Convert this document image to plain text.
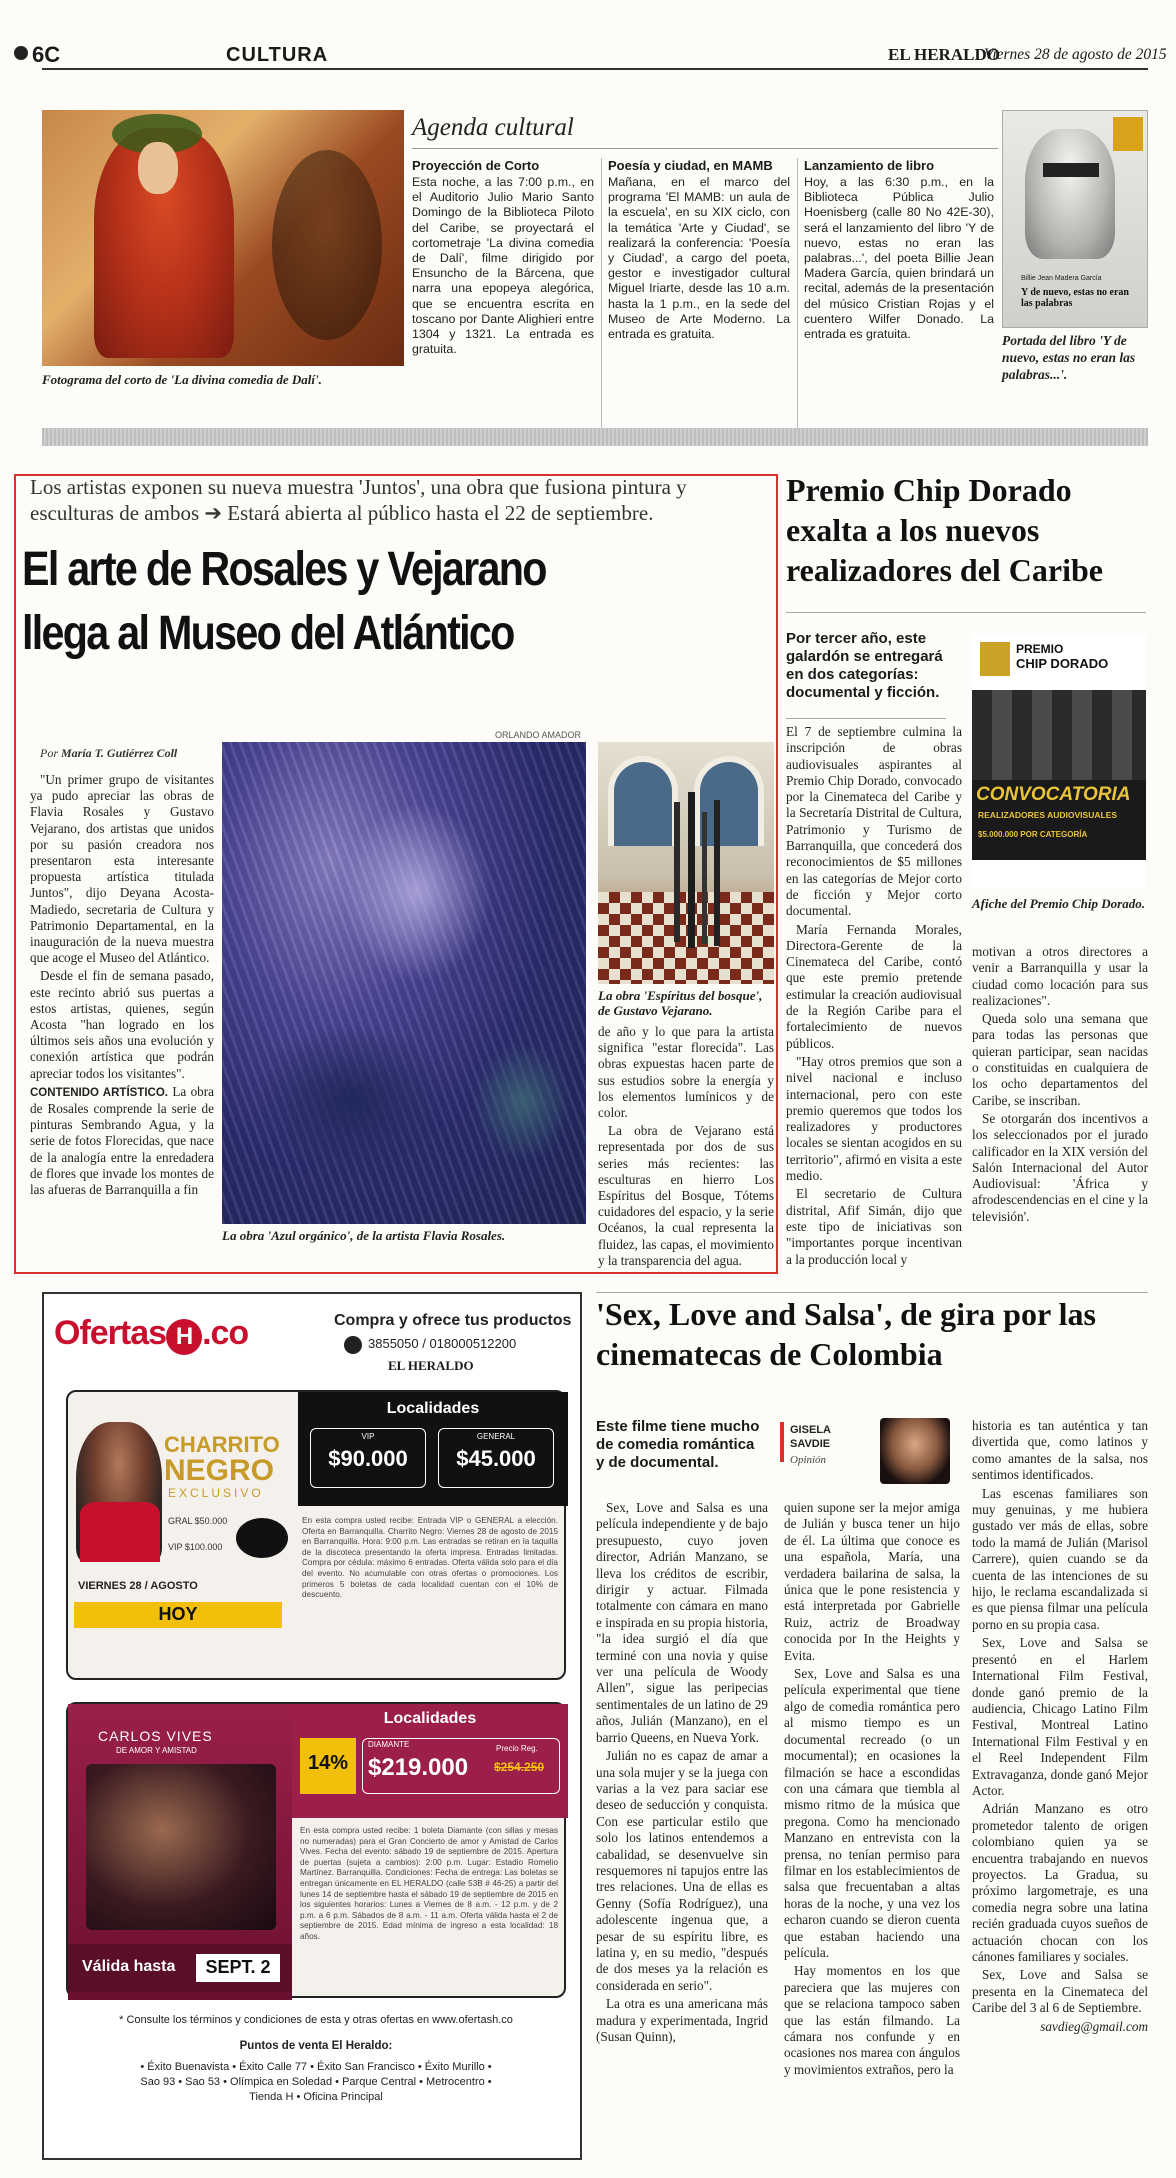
6C	CULTURA	EL HERALDO
Viernes 28 de agosto de 2015
Fotograma del corto de 'La divina comedia de Dalí'.
Agenda cultural
Proyección de Corto
Esta noche, a las 7:00 p.m., en el Auditorio Julio Mario Santo Domingo de la Biblioteca Piloto del Caribe, se proyectará el cortometraje 'La divina comedia de Dalí', filme dirigido por Ensuncho de la Bárcena, que narra una epopeya alegórica, que se encuentra escrita en toscano por Dante Alighieri entre 1304 y 1321. La entrada es gratuita.
Poesía y ciudad, en MAMB
Mañana, en el marco del programa 'El MAMB: un aula de la escuela', en su XIX ciclo, con la temática 'Arte y Ciudad', se realizará la conferencia: 'Poesía y Ciudad', a cargo del poeta, gestor e investigador cultural Miguel Iriarte, desde las 10 a.m. hasta la 1 p.m., en la sede del Museo de Arte Moderno. La entrada es gratuita.
Lanzamiento de libro
Hoy, a las 6:30 p.m., en la Biblioteca Pública Julio Hoenisberg (calle 80 No 42E-30), será el lanzamiento del libro 'Y de nuevo, estas no eran las palabras...', del poeta Billie Jean Madera García, quien brindará un recital, además de la presentación del músico Cristian Rojas y el cuentero Wilfer Donado. La entrada es gratuita.
Billie Jean Madera García
Y de nuevo, estas no eran las palabras
Portada del libro 'Y de nuevo, estas no eran las palabras...'.
Los artistas exponen su nueva muestra 'Juntos', una obra que fusiona pintura y esculturas de ambos ➔ Estará abierta al público hasta el 22 de septiembre.
El arte de Rosales y Vejarano
llega al Museo del Atlántico
ORLANDO AMADOR
Por María T. Gutiérrez Coll

"Un primer grupo de visitantes ya pudo apreciar las obras de Flavia Rosales y Gustavo Vejarano, dos artistas que unidos por su pasión creadora nos presentaron esta interesante propuesta artística titulada Juntos", dijo Deyana Acosta-Madiedo, secretaria de Cultura y Patrimonio Departamental, en la inauguración de la nueva muestra que acoge el Museo del Atlántico.

Desde el fin de semana pasado, este recinto abrió sus puertas a estos artistas, quienes, según Acosta "han logrado en los últimos seis años una evolución y conexión artística que podrán apreciar todos los visitantes".

CONTENIDO ARTÍSTICO. La obra de Rosales comprende la serie de pinturas Sembrando Agua, y la serie de fotos Florecidas, que nace de la analogía entre la enredadera de flores que invade los montes de las afueras de Barranquilla a fin

La obra 'Azul orgánico', de la artista Flavia Rosales.
La obra 'Espíritus del bosque', de Gustavo Vejarano.

de año y lo que para la artista significa "estar florecida". Las obras expuestas hacen parte de sus estudios sobre la energía y los elementos lumínicos y de color.

La obra de Vejarano está representada por dos de sus series más recientes: las esculturas en hierro Los Espíritus del Bosque, Tótems cuidadores del espacio, y la serie Océanos, la cual representa la fluidez, las capas, el movimiento y la transparencia del agua.

Premio Chip Dorado exalta a los nuevos realizadores del Caribe
Por tercer año, este galardón se entregará en dos categorías: documental y ficción.
PREMIO
CHIP DORADO
CONVOCATORIA
REALIZADORES AUDIOVISUALES
$5.000.000 POR CATEGORÍA
Afiche del Premio Chip Dorado.

El 7 de septiembre culmina la inscripción de obras audiovisuales aspirantes al Premio Chip Dorado, convocado por la Cinemateca del Caribe y la Secretaría Distrital de Cultura, Patrimonio y Turismo de Barranquilla, que concederá dos reconocimientos de $5 millones en las categorías de Mejor corto de ficción y Mejor corto documental.

María Fernanda Morales, Directora-Gerente de la Cinemateca del Caribe, contó que este premio pretende estimular la creación audiovisual de la Región Caribe para el fortalecimiento de nuevos públicos.

"Hay otros premios que son a nivel nacional e incluso internacional, pero con este premio queremos que todos los realizadores y productores locales se sientan acogidos en su territorio", afirmó en visita a este medio.

El secretario de Cultura distrital, Afif Simán, dijo que este tipo de iniciativas son "importantes porque incentivan a la producción local y

motivan a otros directores a venir a Barranquilla y usar la ciudad como locación para sus realizaciones".

Queda solo una semana que para todas las personas que quieran participar, sean nacidas o constituidas en cualquiera de los ocho departamentos del Caribe, se inscriban.

Se otorgarán dos incentivos a los seleccionados por el jurado calificador en la XIX versión del Salón Internacional del Autor Audiovisual: 'África y afrodescendencias en el cine y la televisión'.

Ofertas H .co	Compra y ofrece tus productos
3855050 / 018000512200
EL HERALDO
Localidades
VIP
$90.000
GENERAL
$45.000
CHARRITO
NEGRO
EXCLUSIVO
GRAL $50.000
VIP $100.000
VIERNES 28 / AGOSTO
HOY
En esta compra usted recibe: Entrada VIP o GENERAL a elección. Oferta en Barranquilla. Charrito Negro: Viernes 28 de agosto de 2015 en Barranquilla. Hora: 9:00 p.m. Las entradas se retiran en la taquilla de la discoteca presentando la oferta impresa. Entradas limitadas. Compra por cédula: máximo 6 entradas. Oferta válida solo para el día del evento. No acumulable con otras ofertas o promociones. Los primeros 5 boletas de cada localidad cuentan con el 10% de descuento.
Localidades
14%
DIAMANTE
$219.000
Precio Reg.
$254.250
CARLOS VIVES
DE AMOR Y AMISTAD
Válida hasta	SEPT. 2
En esta compra usted recibe: 1 boleta Diamante (con sillas y mesas no numeradas) para el Gran Concierto de amor y Amistad de Carlos Vives. Fecha del evento: sábado 19 de septiembre de 2015. Apertura de puertas (sujeta a cambios): 2:00 p.m. Lugar: Estadio Romelio Martínez. Barranquilla. Condiciones: Fecha de entrega: Las boletas se entregan únicamente en EL HERALDO (calle 53B # 46-25) a partir del lunes 14 de septiembre hasta el sábado 19 de septiembre de 2015 en los siguientes horarios: Lunes a Viernes de 8 a.m. - 12 p.m. y de 2 p.m. a 6 p.m. Sábados de 8 a.m. - 11 a.m. Oferta válida hasta el 2 de septiembre de 2015. Edad mínima de ingreso a esta localidad: 18 años.
* Consulte los términos y condiciones de esta y otras ofertas en www.ofertash.co
Puntos de venta El Heraldo:
• Éxito Buenavista • Éxito Calle 77 • Éxito San Francisco • Éxito Murillo • Sao 93 • Sao 53 • Olímpica en Soledad • Parque Central • Metrocentro • Tienda H • Oficina Principal
'Sex, Love and Salsa', de gira por las cinematecas de Colombia
Este filme tiene mucho de comedia romántica y de documental.
GISELA
SAVDIE
Opinión

Sex, Love and Salsa es una película independiente y de bajo presupuesto, cuyo joven director, Adrián Manzano, se lleva los créditos de escribir, dirigir y actuar. Filmada totalmente con cámara en mano e inspirada en su propia historia, "la idea surgió el día que terminé con una novia y quise ver una película de Woody Allen", sigue las peripecias sentimentales de un latino de 29 años, Julián (Manzano), en el barrio Queens, en Nueva York.

Julián no es capaz de amar a una sola mujer y se la juega con varias a la vez para saciar ese deseo de seducción y conquista. Con ese particular estilo que solo los latinos entendemos a cabalidad, se desenvuelve sin resquemores ni tapujos entre las tres relaciones. Una de ellas es Genny (Sofía Rodríguez), una adolescente ingenua que, a pesar de su espíritu libre, es latina y, en su medio, "después de dos meses ya la relación es considerada en serio".

La otra es una americana más madura y experimentada, Ingrid (Susan Quinn),

quien supone ser la mejor amiga de Julián y busca tener un hijo de él. La última que conoce es una española, María, una verdadera bailarina de salsa, la única que le pone resistencia y está interpretada por Gabrielle Ruiz, actriz de Broadway conocida por In the Heights y Evita.

Sex, Love and Salsa es una película experimental que tiene algo de comedia romántica pero al mismo tiempo es un documental recreado (o un mocumental); en ocasiones la filmación se hace a escondidas con una cámara que tiembla al mismo ritmo de la música que pregona. Como ha mencionado Manzano en entrevista con la prensa, no tenían permiso para filmar en los establecimientos de salsa que frecuentaban a altas horas de la noche, y una vez los echaron cuando se dieron cuenta que estaban haciendo una película.

Hay momentos en los que pareciera que las mujeres con que se relaciona tampoco saben que las están filmando. La cámara nos confunde y en ocasiones nos marea con ángulos y movimientos extraños, pero la

historia es tan auténtica y tan divertida que, como latinos y como amantes de la salsa, nos sentimos identificados.

Las escenas familiares son muy genuinas, y me hubiera gustado ver más de ellas, sobre todo la mamá de Julián (Marisol Carrere), quien cuando se da cuenta de las intenciones de su hijo, le reclama escandalizada si es que piensa filmar una película porno en su propia casa.

Sex, Love and Salsa se presentó en el Harlem International Film Festival, donde ganó premio de la audiencia, Chicago Latino Film Festival, Montreal Latino International Film Festival y en el Reel Independent Film Extravaganza, donde ganó Mejor Actor.

Adrián Manzano es otro prometedor talento de origen colombiano quien ya se encuentra trabajando en nuevos proyectos. La Gradua, su próximo largometraje, es una comedia negra sobre una latina recién graduada cuyos sueños de actuación chocan con los cánones familiares y sociales.

Sex, Love and Salsa se presenta en la Cinemateca del Caribe del 3 al 6 de Septiembre.

savdieg@gmail.com
